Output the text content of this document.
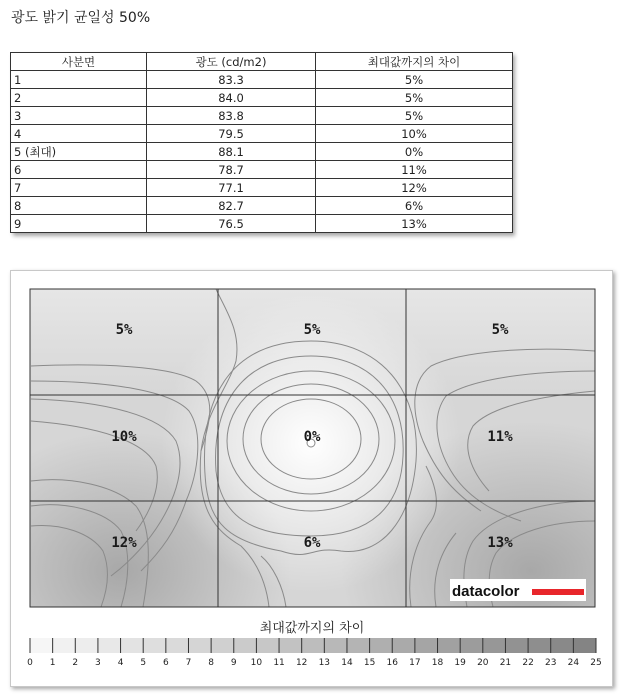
광도 밝기 균일성 50%
사분면	광도 (cd/m2)	최대값까지의 차이
1	83.3	5%
2	84.0	5%
3	83.8	5%
4	79.5	10%
5 (최대)	88.1	0%
6	78.7	11%
7	77.1	12%
8	82.7	6%
9	76.5	13%
5%	5%	5%
10%	0%	11%
12%	6%	13%
datacolor
최대값까지의 차이
0 1 2 3 4 5 6 7 8 9 10 11 12 13 14 15 16 17 18 19 20 21 22 23 24 25
